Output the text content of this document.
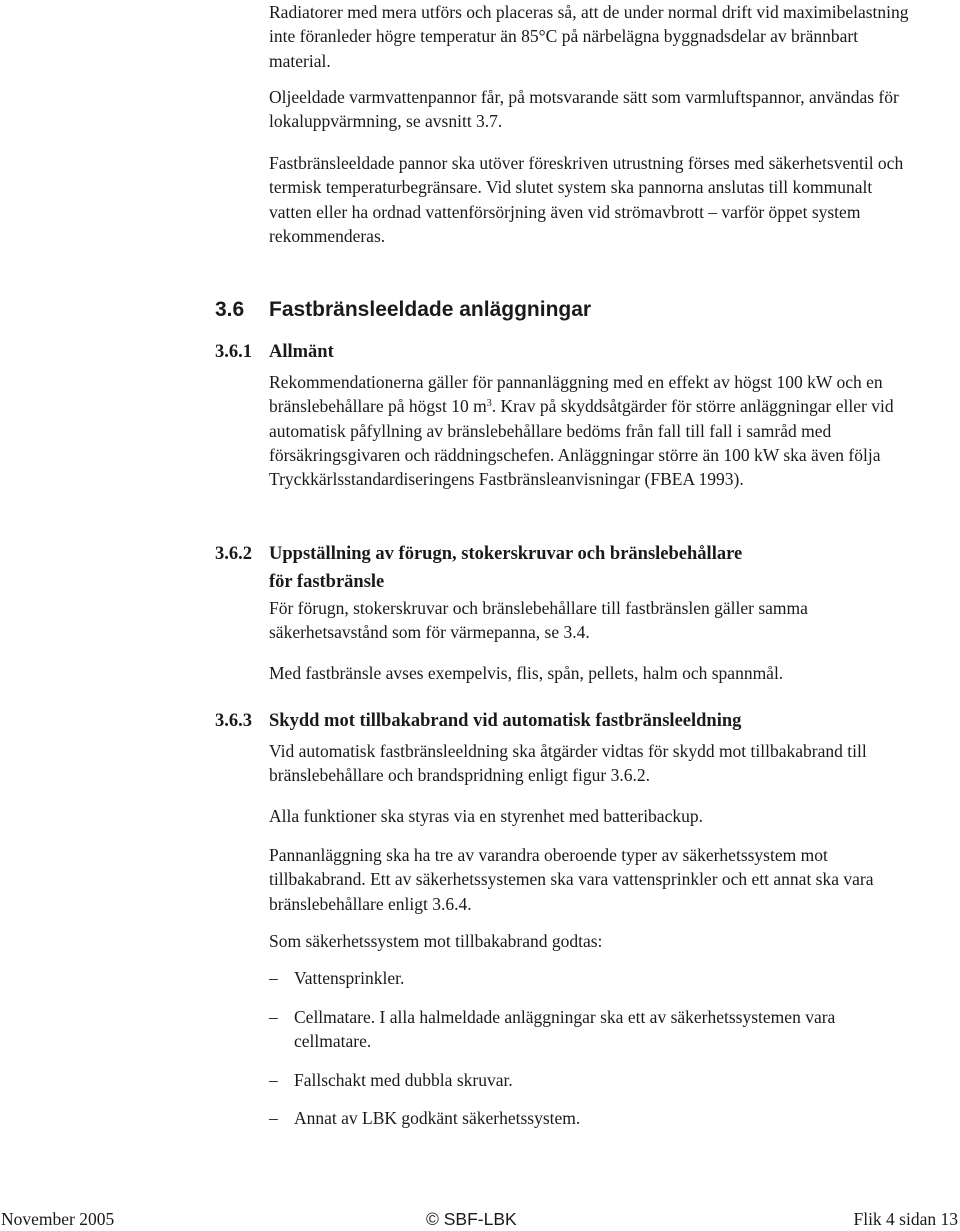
Radiatorer med mera utförs och placeras så, att de under normal drift vid maximibelastning inte föranleder högre temperatur än 85°C på närbelägna byggnadsdelar av brännbart material.

Oljeeldade varmvattenpannor får, på motsvarande sätt som varmluftspannor, användas för lokaluppvärmning, se avsnitt 3.7.

Fastbränsleeldade pannor ska utöver föreskriven utrustning förses med säkerhetsventil och termisk temperaturbegränsare. Vid slutet system ska pannorna anslutas till kommunalt vatten eller ha ordnad vattenförsörjning även vid strömavbrott – varför öppet system rekommenderas.

3.6 Fastbränsleeldade anläggningar
3.6.1 Allmänt

Rekommendationerna gäller för pannanläggning med en effekt av högst 100 kW och en bränslebehållare på högst 10 $m^3$. Krav på skyddsåtgärder för större anläggningar eller vid automatisk påfyllning av bränslebehållare bedöms från fall till fall i samråd med försäkringsgivaren och räddningschefen. Anläggningar större än 100 kW ska även följa Tryckkärlsstandardiseringens Fastbränsleanvisningar (FBEA 1993).

3.6.2 Uppställning av förugn, stokerskruvar och bränslebehållare
för fastbränsle

För förugn, stokerskruvar och bränslebehållare till fastbränslen gäller samma säkerhetsavstånd som för värmepanna, se 3.4.

Med fastbränsle avses exempelvis, flis, spån, pellets, halm och spannmål.

3.6.3 Skydd mot tillbakabrand vid automatisk fastbränsleeldning

Vid automatisk fastbränsleeldning ska åtgärder vidtas för skydd mot tillbakabrand till bränslebehållare och brandspridning enligt figur 3.6.2.

Alla funktioner ska styras via en styrenhet med batteribackup.

Pannanläggning ska ha tre av varandra oberoende typer av säkerhetssystem mot tillbakabrand. Ett av säkerhetssystemen ska vara vattensprinkler och ett annat ska vara bränslebehållare enligt 3.6.4.

Som säkerhetssystem mot tillbakabrand godtas:

– Vattensprinkler.
– Cellmatare. I alla halmeldade anläggningar ska ett av säkerhetssystemen vara cellmatare.
– Fallschakt med dubbla skruvar.
– Annat av LBK godkänt säkerhetssystem.

November 2005	© SBF-LBK	Flik 4 sidan 13
